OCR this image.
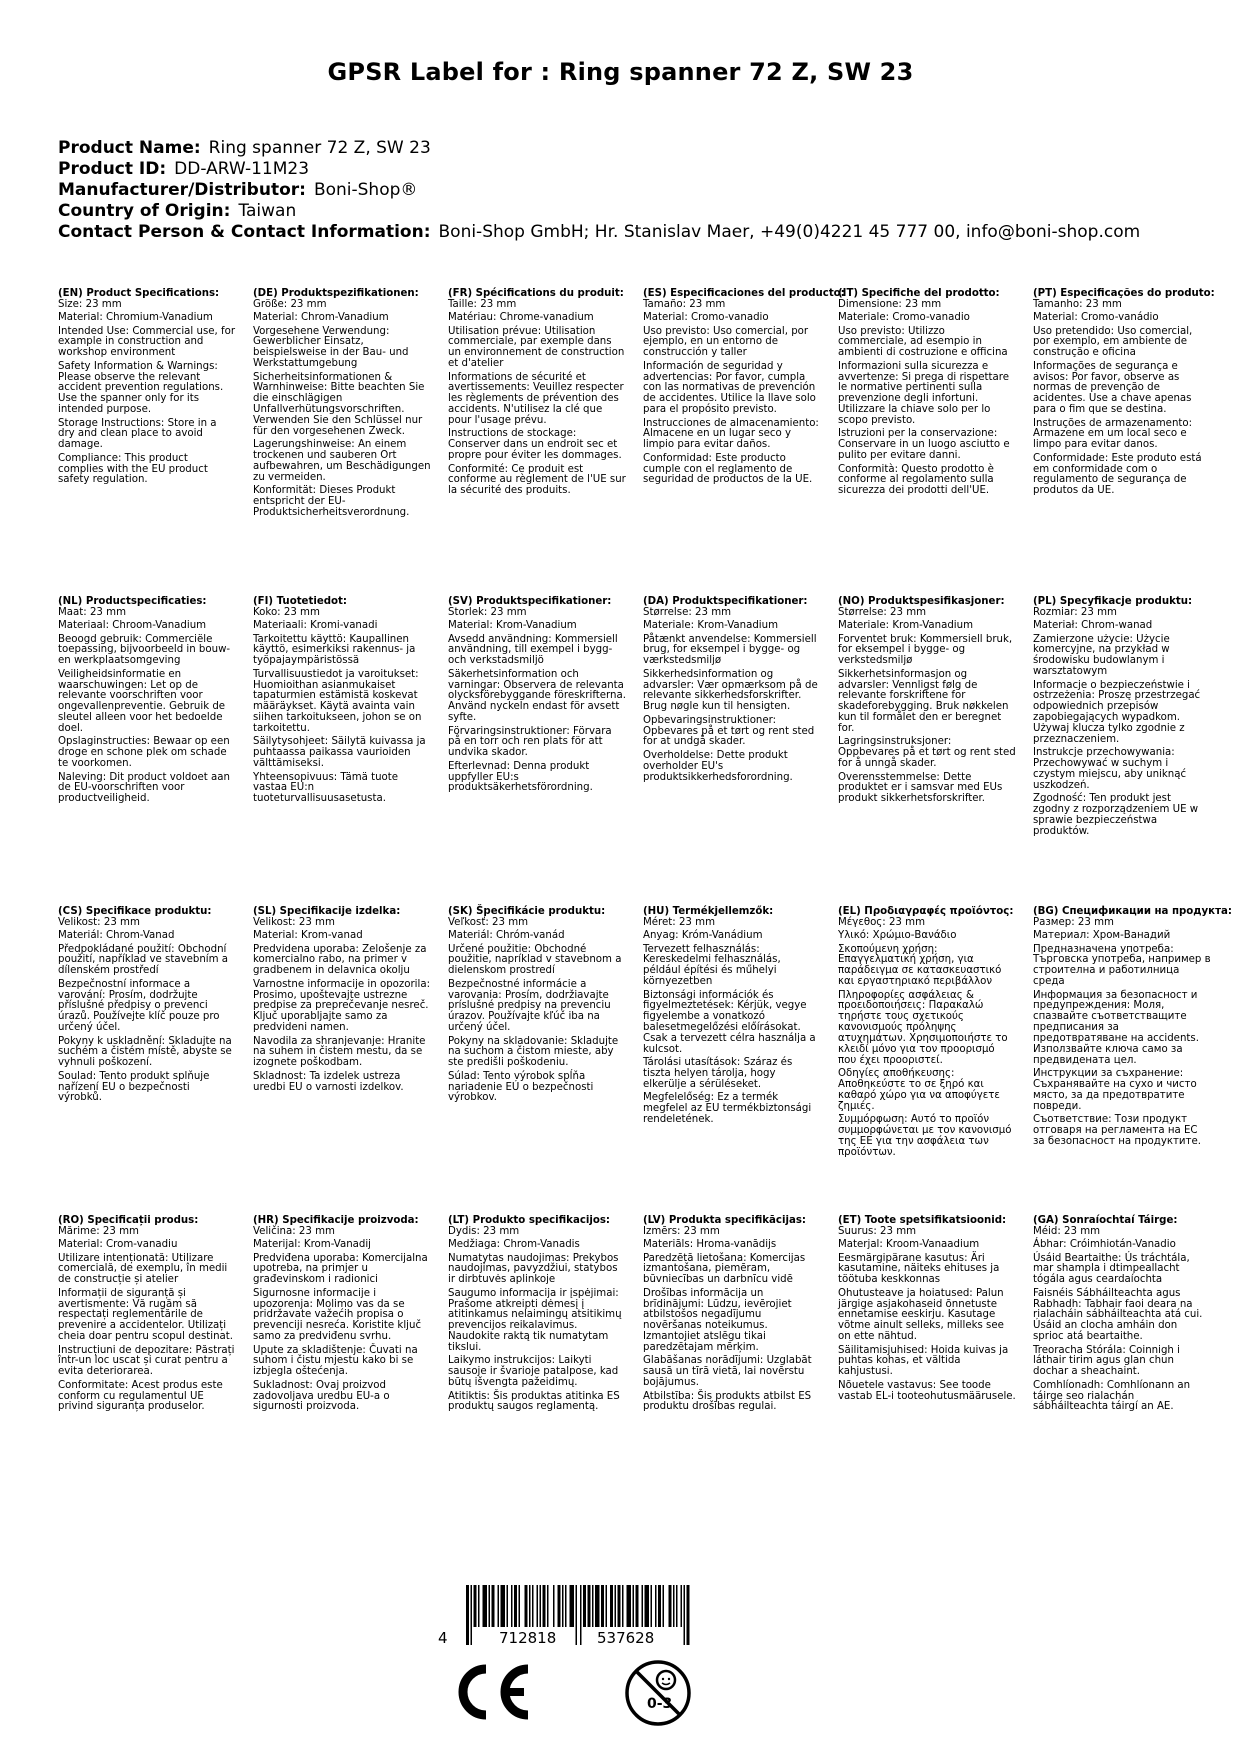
GPSR Label for : Ring spanner 72 Z, SW 23
Product Name: Ring spanner 72 Z, SW 23
Product ID: DD-ARW-11M23
Manufacturer/Distributor: Boni-Shop®
Country of Origin: Taiwan
Contact Person & Contact Information: Boni-Shop GmbH; Hr. Stanislav Maer, +49(0)4221 45 777 00, info@boni-shop.com
(EN) Product Specifications:
Size: 23 mm
Material: Chromium-Vanadium
Intended Use: Commercial use, for example in construction and workshop environment
Safety Information & Warnings: Please observe the relevant accident prevention regulations. Use the spanner only for its intended purpose.
Storage Instructions: Store in a dry and clean place to avoid damage.
Compliance: This product complies with the EU product safety regulation.
(DE) Produktspezifikationen:
Größe: 23 mm
Material: Chrom-Vanadium
Vorgesehene Verwendung: Gewerblicher Einsatz, beispielsweise in der Bau- und Werkstattumgebung
Sicherheitsinformationen & Warnhinweise: Bitte beachten Sie die einschlägigen Unfallverhütungsvorschriften. Verwenden Sie den Schlüssel nur für den vorgesehenen Zweck.
Lagerungshinweise: An einem trockenen und sauberen Ort aufbewahren, um Beschädigungen zu vermeiden.
Konformität: Dieses Produkt entspricht der EU-Produktsicherheitsverordnung.
(FR) Spécifications du produit:
Taille: 23 mm
Matériau: Chrome-vanadium
Utilisation prévue: Utilisation commerciale, par exemple dans un environnement de construction et d'atelier
Informations de sécurité et avertissements: Veuillez respecter les règlements de prévention des accidents. N'utilisez la clé que pour l'usage prévu.
Instructions de stockage: Conserver dans un endroit sec et propre pour éviter les dommages.
Conformité: Ce produit est conforme au règlement de l'UE sur la sécurité des produits.
(ES) Especificaciones del producto:
Tamaño: 23 mm
Material: Cromo-vanadio
Uso previsto: Uso comercial, por ejemplo, en un entorno de construcción y taller
Información de seguridad y advertencias: Por favor, cumpla con las normativas de prevención de accidentes. Utilice la llave solo para el propósito previsto.
Instrucciones de almacenamiento: Almacene en un lugar seco y limpio para evitar daños.
Conformidad: Este producto cumple con el reglamento de seguridad de productos de la UE.
(IT) Specifiche del prodotto:
Dimensione: 23 mm
Materiale: Cromo-vanadio
Uso previsto: Utilizzo commerciale, ad esempio in ambienti di costruzione e officina
Informazioni sulla sicurezza e avvertenze: Si prega di rispettare le normative pertinenti sulla prevenzione degli infortuni. Utilizzare la chiave solo per lo scopo previsto.
Istruzioni per la conservazione: Conservare in un luogo asciutto e pulito per evitare danni.
Conformità: Questo prodotto è conforme al regolamento sulla sicurezza dei prodotti dell'UE.
(PT) Especificações do produto:
Tamanho: 23 mm
Material: Cromo-vanádio
Uso pretendido: Uso comercial, por exemplo, em ambiente de construção e oficina
Informações de segurança e avisos: Por favor, observe as normas de prevenção de acidentes. Use a chave apenas para o fim que se destina.
Instruções de armazenamento: Armazene em um local seco e limpo para evitar danos.
Conformidade: Este produto está em conformidade com o regulamento de segurança de produtos da UE.
(NL) Productspecificaties:
Maat: 23 mm
Materiaal: Chroom-Vanadium
Beoogd gebruik: Commerciële toepassing, bijvoorbeeld in bouw- en werkplaatsomgeving
Veiligheidsinformatie en waarschuwingen: Let op de relevante voorschriften voor ongevallenpreventie. Gebruik de sleutel alleen voor het bedoelde doel.
Opslaginstructies: Bewaar op een droge en schone plek om schade te voorkomen.
Naleving: Dit product voldoet aan de EU-voorschriften voor productveiligheid.
(FI) Tuotetiedot:
Koko: 23 mm
Materiaali: Kromi-vanadi
Tarkoitettu käyttö: Kaupallinen käyttö, esimerkiksi rakennus- ja työpajaympäristössä
Turvallisuustiedot ja varoitukset: Huomioithan asianmukaiset tapaturmien estämistä koskevat määräykset. Käytä avainta vain siihen tarkoitukseen, johon se on tarkoitettu.
Säilytysohjeet: Säilytä kuivassa ja puhtaassa paikassa vaurioiden välttämiseksi.
Yhteensopivuus: Tämä tuote vastaa EU:n tuoteturvallisuusasetusta.
(SV) Produktspecifikationer:
Storlek: 23 mm
Material: Krom-Vanadium
Avsedd användning: Kommersiell användning, till exempel i bygg- och verkstadsmiljö
Säkerhetsinformation och varningar: Observera de relevanta olycksförebyggande föreskrifterna. Använd nyckeln endast för avsett syfte.
Förvaringsinstruktioner: Förvara på en torr och ren plats för att undvika skador.
Efterlevnad: Denna produkt uppfyller EU:s produktsäkerhetsförordning.
(DA) Produktspecifikationer:
Størrelse: 23 mm
Materiale: Krom-Vanadium
Påtænkt anvendelse: Kommersiell brug, for eksempel i bygge- og værkstedsmiljø
Sikkerhedsinformation og advarsler: Vær opmærksom på de relevante sikkerhedsforskrifter. Brug nøgle kun til hensigten.
Opbevaringsinstruktioner: Opbevares på et tørt og rent sted for at undgå skader.
Overholdelse: Dette produkt overholder EU's produktsikkerhedsforordning.
(NO) Produktspesifikasjoner:
Størrelse: 23 mm
Materiale: Krom-Vanadium
Forventet bruk: Kommersiell bruk, for eksempel i bygge- og verkstedsmiljø
Sikkerhetsinformasjon og advarsler: Vennligst følg de relevante forskriftene for skadeforebygging. Bruk nøkkelen kun til formålet den er beregnet for.
Lagringsinstruksjoner: Oppbevares på et tørt og rent sted for å unngå skader.
Overensstemmelse: Dette produktet er i samsvar med EUs produkt sikkerhetsforskrifter.
(PL) Specyfikacje produktu:
Rozmiar: 23 mm
Materiał: Chrom-wanad
Zamierzone użycie: Użycie komercyjne, na przykład w środowisku budowlanym i warsztatowym
Informacje o bezpieczeństwie i ostrzeżenia: Proszę przestrzegać odpowiednich przepisów zapobiegających wypadkom. Używaj klucza tylko zgodnie z przeznaczeniem.
Instrukcje przechowywania: Przechowywać w suchym i czystym miejscu, aby uniknąć uszkodzeń.
Zgodność: Ten produkt jest zgodny z rozporządzeniem UE w sprawie bezpieczeństwa produktów.
(CS) Specifikace produktu:
Velikost: 23 mm
Materiál: Chrom-Vanad
Předpokládané použití: Obchodní použití, například ve stavebním a dílenském prostředí
Bezpečnostní informace a varování: Prosím, dodržujte příslušné předpisy o prevenci úrazů. Používejte klíč pouze pro určený účel.
Pokyny k uskladnění: Skladujte na suchém a čistém místě, abyste se vyhnuli poškození.
Soulad: Tento produkt splňuje nařízení EU o bezpečnosti výrobků.
(SL) Specifikacije izdelka:
Velikost: 23 mm
Material: Krom-vanad
Predvidena uporaba: Zelošenje za komercialno rabo, na primer v gradbenem in delavnica okolju
Varnostne informacije in opozorila: Prosimo, upoštevajte ustrezne predpise za preprečevanje nesreč. Ključ uporabljajte samo za predvideni namen.
Navodila za shranjevanje: Hranite na suhem in čistem mestu, da se izognete poškodbam.
Skladnost: Ta izdelek ustreza uredbi EU o varnosti izdelkov.
(SK) Špecifikácie produktu:
Veľkosť: 23 mm
Materiál: Chróm-vanád
Určené použitie: Obchodné použitie, napríklad v stavebnom a dielenskom prostredí
Bezpečnostné informácie a varovania: Prosím, dodržiavajte príslušné predpisy na prevenciu úrazov. Používajte kľúč iba na určený účel.
Pokyny na skladovanie: Skladujte na suchom a čistom mieste, aby ste predišli poškodeniu.
Súlad: Tento výrobok spĺňa nariadenie EÚ o bezpečnosti výrobkov.
(HU) Termékjellemzők:
Méret: 23 mm
Anyag: Króm-Vanádium
Tervezett felhasználás: Kereskedelmi felhasználás, például építési és műhelyi környezetben
Biztonsági információk és figyelmeztetések: Kérjük, vegye figyelembe a vonatkozó balesetmegelőzési előírásokat. Csak a tervezett célra használja a kulcsot.
Tárolási utasítások: Száraz és tiszta helyen tárolja, hogy elkerülje a sérüléseket.
Megfelelőség: Ez a termék megfelel az EU termékbiztonsági rendeletének.
(EL) Προδιαγραφές προϊόντος:
Μέγεθος: 23 mm
Υλικό: Χρώμιο-Βανάδιο
Σκοπούμενη χρήση: Επαγγελματική χρήση, για παράδειγμα σε κατασκευαστικό και εργαστηριακό περιβάλλον
Πληροφορίες ασφάλειας & προειδοποιήσεις: Παρακαλώ τηρήστε τους σχετικούς κανονισμούς πρόληψης ατυχημάτων. Χρησιμοποιήστε το κλειδί μόνο για τον προορισμό που έχει προοριστεί.
Οδηγίες αποθήκευσης: Αποθηκεύστε το σε ξηρό και καθαρό χώρο για να αποφύγετε ζημιές.
Συμμόρφωση: Αυτό το προϊόν συμμορφώνεται με τον κανονισμό της ΕΕ για την ασφάλεια των προϊόντων.
(BG) Спецификации на продукта:
Размер: 23 mm
Материал: Хром-Ванадий
Предназначена употреба: Търговска употреба, например в строителна и работилница среда
Информация за безопасност и предупреждения: Моля, спазвайте съответстващите предписания за предотвратяване на accidents. Използвайте ключа само за предвидената цел.
Инструкции за съхранение: Съхранявайте на сухо и чисто място, за да предотвратите повреди.
Съответствие: Този продукт отговаря на регламента на ЕС за безопасност на продуктите.
(RO) Specificații produs:
Mărime: 23 mm
Material: Crom-vanadiu
Utilizare intenționată: Utilizare comercială, de exemplu, în medii de construcție și atelier
Informații de siguranță și avertismente: Vă rugăm să respectați reglementările de prevenire a accidentelor. Utilizați cheia doar pentru scopul destinat.
Instrucțiuni de depozitare: Păstrați într-un loc uscat și curat pentru a evita deteriorarea.
Conformitate: Acest produs este conform cu regulamentul UE privind siguranța produselor.
(HR) Specifikacije proizvoda:
Veličina: 23 mm
Materijal: Krom-Vanadij
Predviđena uporaba: Komercijalna upotreba, na primjer u građevinskom i radionici
Sigurnosne informacije i upozorenja: Molimo vas da se pridržavate važećih propisa o prevenciji nesreća. Koristite ključ samo za predviđenu svrhu.
Upute za skladištenje: Čuvati na suhom i čistu mjestu kako bi se izbjegla oštećenja.
Sukladnost: Ovaj proizvod zadovoljava uredbu EU-a o sigurnosti proizvoda.
(LT) Produkto specifikacijos:
Dydis: 23 mm
Medžiaga: Chrom-Vanadis
Numatytas naudojimas: Prekybos naudojimas, pavyzdžiui, statybos ir dirbtuvės aplinkoje
Saugumo informacija ir įspėjimai: Prašome atkreipti dėmesį į atitinkamus nelaimingų atsitikimų prevencijos reikalavimus. Naudokite raktą tik numatytam tikslui.
Laikymo instrukcijos: Laikyti sausoje ir švarioje patalpose, kad būtų išvengta pažeidimų.
Atitiktis: Šis produktas atitinka ES produktų saugos reglamentą.
(LV) Produkta specifikācijas:
Izmērs: 23 mm
Materiāls: Hroma-vanādijs
Paredzētā lietošana: Komercijas izmantošana, piemēram, būvniecības un darbnīcu vidē
Drošības informācija un brīdinājumi: Lūdzu, ievērojiet atbilstošos negadījumu novēršanas noteikumus. Izmantojiet atslēgu tikai paredzētajam mērķim.
Glabāšanas norādījumi: Uzglabāt sausā un tīrā vietā, lai novērstu bojājumus.
Atbilstība: Šis produkts atbilst ES produktu drošības regulai.
(ET) Toote spetsifikatsioonid:
Suurus: 23 mm
Materjal: Kroom-Vanaadium
Eesmärgipärane kasutus: Äri kasutamine, näiteks ehituses ja töötuba keskkonnas
Ohutusteave ja hoiatused: Palun järgige asjakohaseid õnnetuste ennetamise eeskirju. Kasutage võtme ainult selleks, milleks see on ette nähtud.
Säilitamisjuhised: Hoida kuivas ja puhtas kohas, et vältida kahjustusi.
Nõuetele vastavus: See toode vastab EL-i tooteohutusmäärusele.
(GA) Sonraíochtaí Táirge:
Méid: 23 mm
Ábhar: Cróimhiotán-Vanadio
Úsáid Beartaithe: Ús tráchtála, mar shampla i dtimpeallacht tógála agus ceardaíochta
Faisnéis Sábháilteachta agus Rabhadh: Tabhair faoi deara na rialacháin sábháilteachta atá cui. Úsáid an clocha amháin don sprioc atá beartaithe.
Treoracha Stórála: Coinnigh i láthair tirim agus glan chun dochar a sheachaint.
Comhlíonadh: Comhlíonann an táirge seo rialachán sábháilteachta táirgí an AE.
4	712818	537628
0-3
